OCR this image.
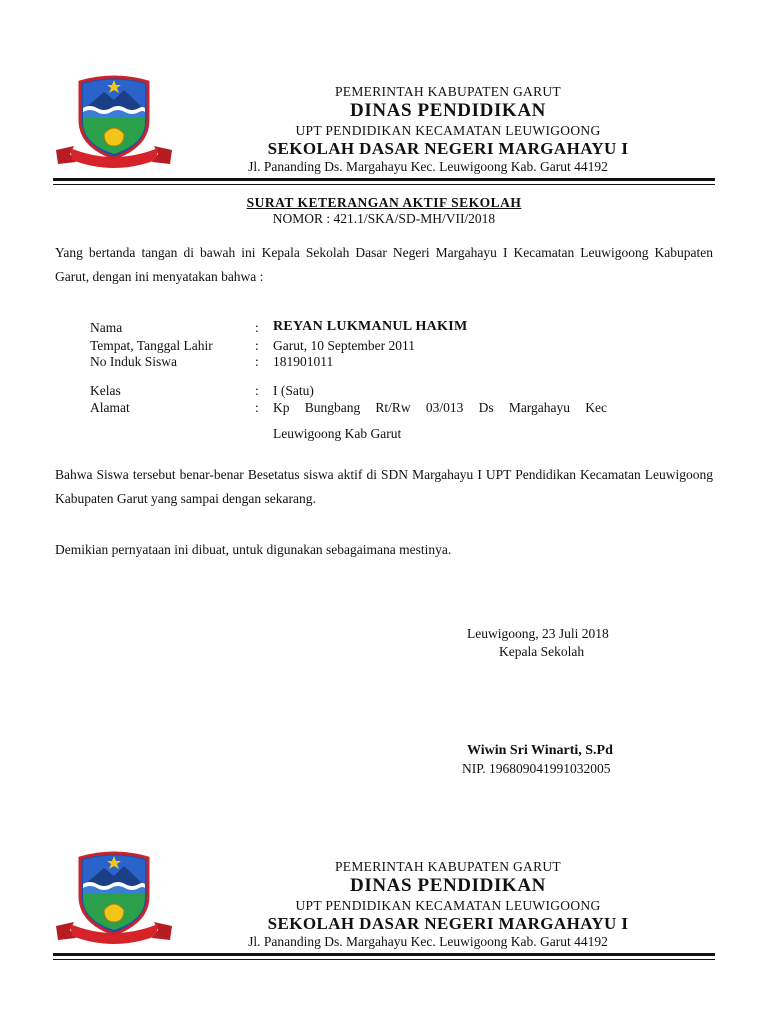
PEMERINTAH KABUPATEN GARUT
DINAS PENDIDIKAN
UPT PENDIDIKAN KECAMATAN LEUWIGOONG
SEKOLAH DASAR NEGERI MARGAHAYU I
Jl. Pananding Ds. Margahayu Kec. Leuwigoong Kab. Garut 44192
SURAT KETERANGAN AKTIF SEKOLAH
NOMOR : 421.1/SKA/SD-MH/VII/2018
Yang bertanda tangan di bawah ini Kepala Sekolah Dasar Negeri Margahayu I Kecamatan Leuwigoong Kabupaten Garut, dengan ini menyatakan bahwa :
Nama	: REYAN LUKMANUL HAKIM
Tempat, Tanggal Lahir	: Garut, 10 September 2011
No Induk Siswa	: 181901011
Kelas	: I (Satu)
Alamat	: Kp Bungbang Rt/Rw 03/013 Ds Margahayu Kec
Leuwigoong Kab Garut
Bahwa Siswa tersebut benar-benar Besetatus siswa aktif di SDN Margahayu I UPT Pendidikan Kecamatan Leuwigoong Kabupaten Garut yang sampai dengan sekarang.
Demikian pernyataan ini dibuat, untuk digunakan sebagaimana mestinya.
Leuwigoong, 23 Juli 2018
Kepala Sekolah
Wiwin Sri Winarti, S.Pd
NIP. 196809041991032005
PEMERINTAH KABUPATEN GARUT
DINAS PENDIDIKAN
UPT PENDIDIKAN KECAMATAN LEUWIGOONG
SEKOLAH DASAR NEGERI MARGAHAYU I
Jl. Pananding Ds. Margahayu Kec. Leuwigoong Kab. Garut 44192
